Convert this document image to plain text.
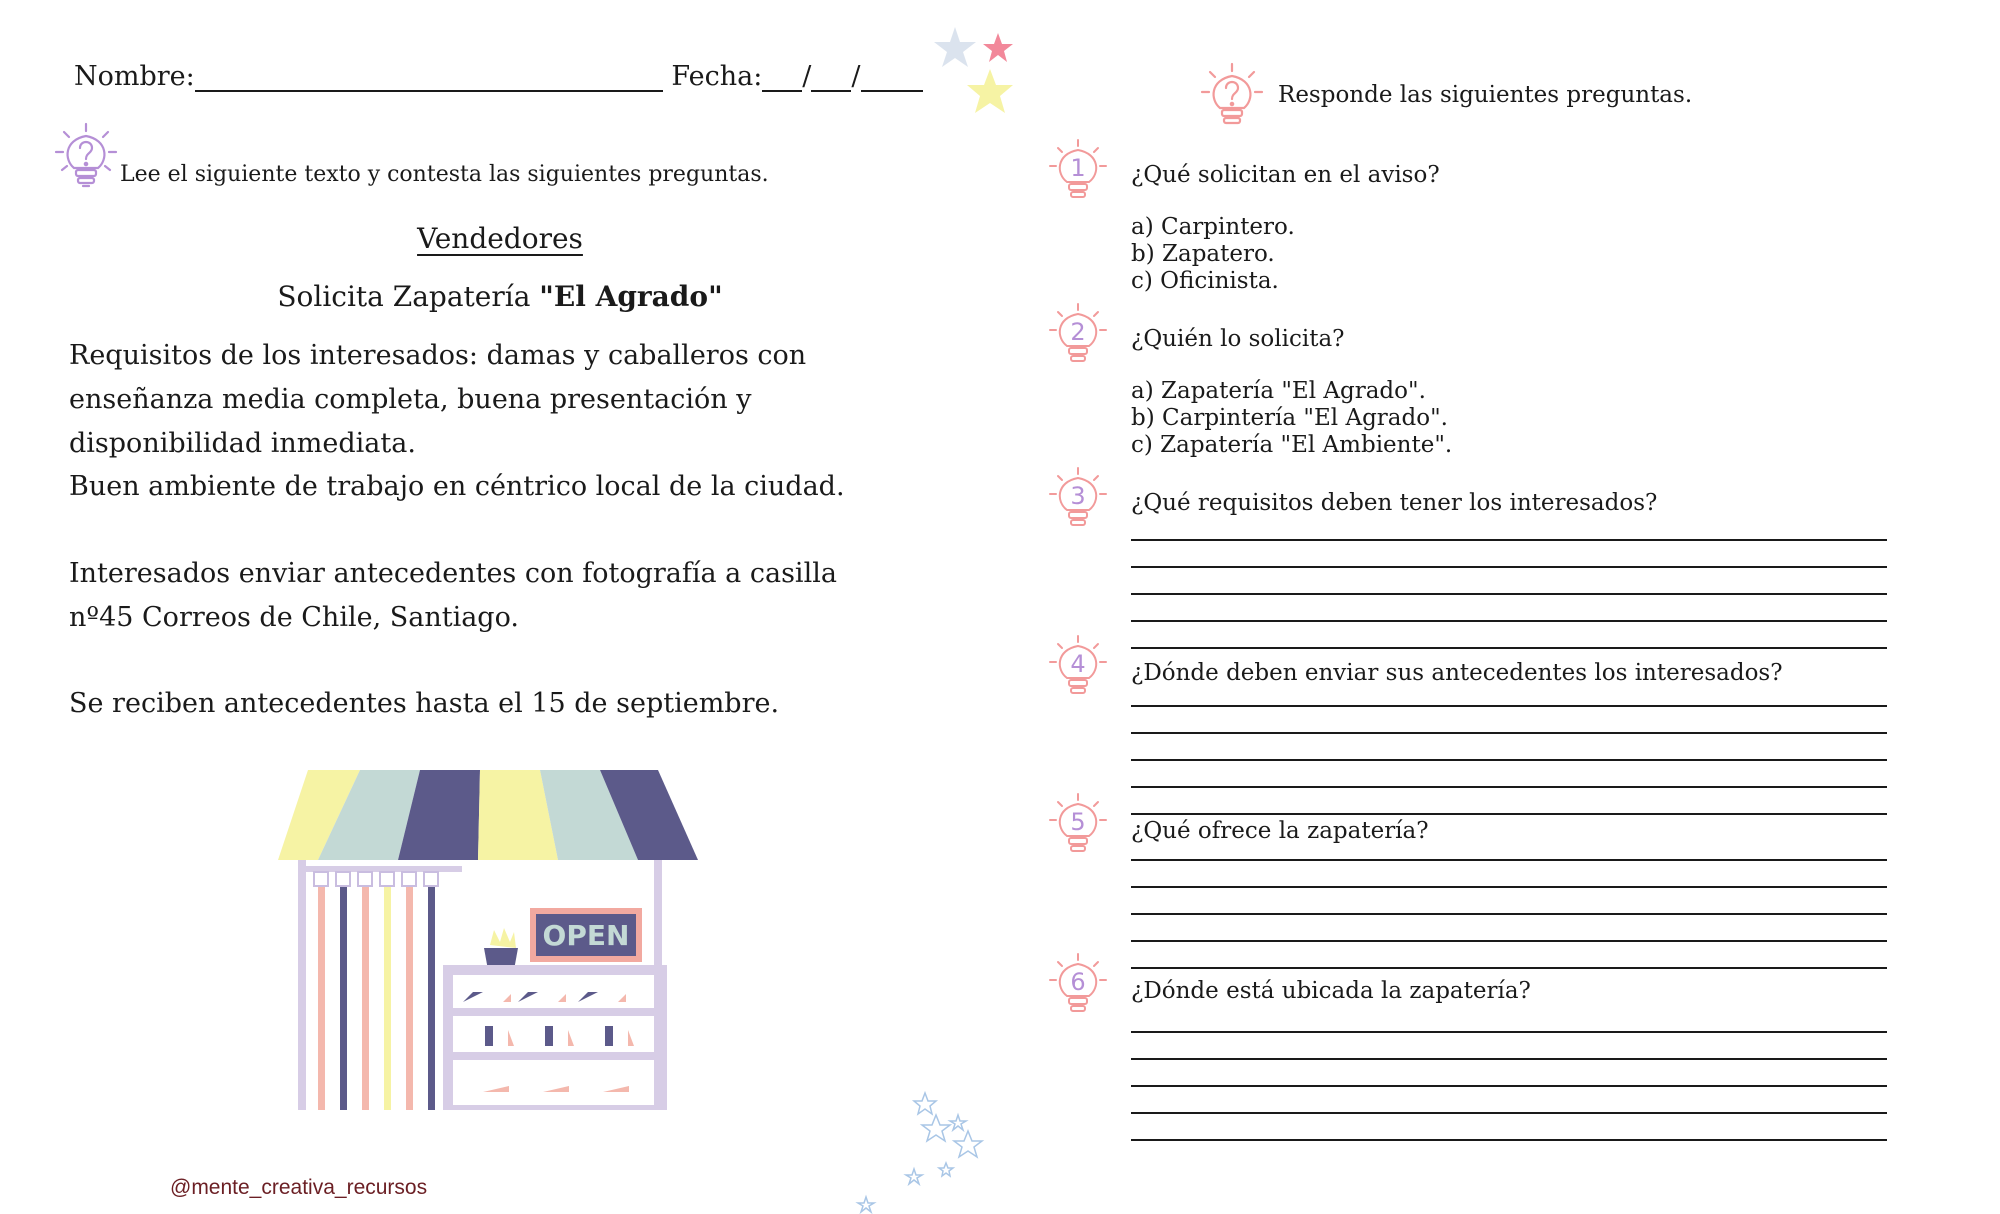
Nombre:	Fecha: / /
Lee el siguiente texto y contesta las siguientes preguntas.
Vendedores
Solicita Zapatería "El Agrado"
Requisitos de los interesados: damas y caballeros con enseñanza media completa, buena presentación y disponibilidad inmediata.
Buen ambiente de trabajo en céntrico local de la ciudad.
Interesados enviar antecedentes con fotografía a casilla nº45 Correos de Chile, Santiago.
Se reciben antecedentes hasta el 15 de septiembre.
OPEN
@mente_creativa_recursos
Responde las siguientes preguntas.
1
2
3
4
5
6
¿Qué solicitan en el aviso?
a) Carpintero.
b) Zapatero.
c) Oficinista.
¿Quién lo solicita?
a) Zapatería "El Agrado".
b) Carpintería "El Agrado".
c) Zapatería "El Ambiente".
¿Qué requisitos deben tener los interesados?
¿Dónde deben enviar sus antecedentes los interesados?
¿Qué ofrece la zapatería?
¿Dónde está ubicada la zapatería?
